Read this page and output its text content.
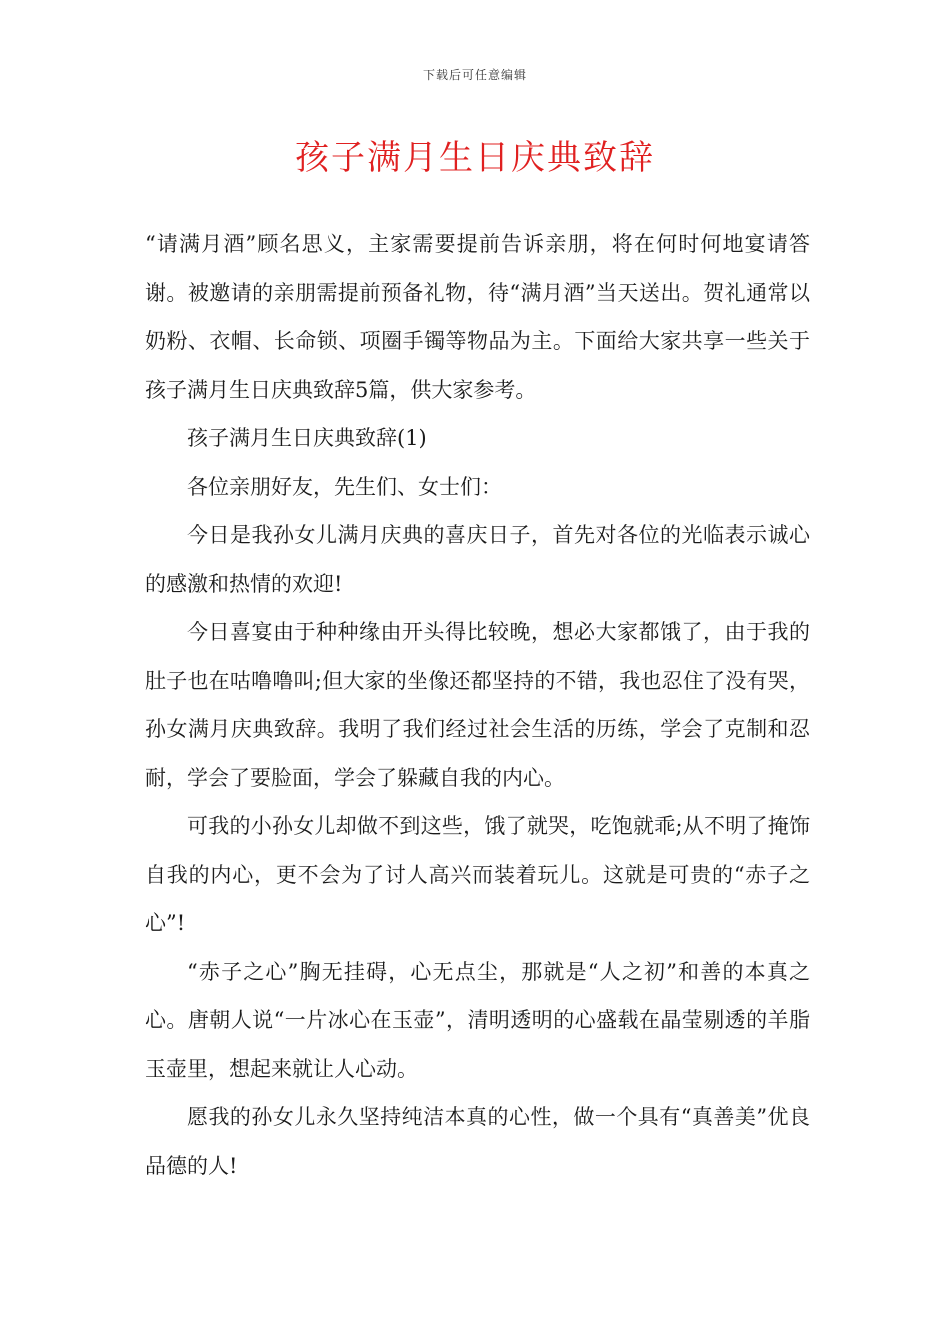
下载后可任意编辑
孩子满月生日庆典致辞

“请满月酒”顾名思义，主家需要提前告诉亲朋，将在何时何地宴请答谢。被邀请的亲朋需提前预备礼物，待“满月酒”当天送出。贺礼通常以奶粉、衣帽、长命锁、项圈手镯等物品为主。下面给大家共享一些关于孩子满月生日庆典致辞5篇，供大家参考。

孩子满月生日庆典致辞(1)

各位亲朋好友，先生们、女士们：

今日是我孙女儿满月庆典的喜庆日子，首先对各位的光临表示诚心的感激和热情的欢迎!

今日喜宴由于种种缘由开头得比较晚，想必大家都饿了，由于我的肚子也在咕噜噜叫;但大家的坐像还都坚持的不错，我也忍住了没有哭，孙女满月庆典致辞。我明了我们经过社会生活的历练，学会了克制和忍耐，学会了要脸面，学会了躲藏自我的内心。

可我的小孙女儿却做不到这些，饿了就哭，吃饱就乖;从不明了掩饰自我的内心，更不会为了讨人高兴而装着玩儿。这就是可贵的“赤子之心”!

“赤子之心”胸无挂碍，心无点尘，那就是“人之初”和善的本真之心。唐朝人说“一片冰心在玉壶”，清明透明的心盛载在晶莹剔透的羊脂玉壶里，想起来就让人心动。

愿我的孙女儿永久坚持纯洁本真的心性，做一个具有“真善美”优良品德的人!
